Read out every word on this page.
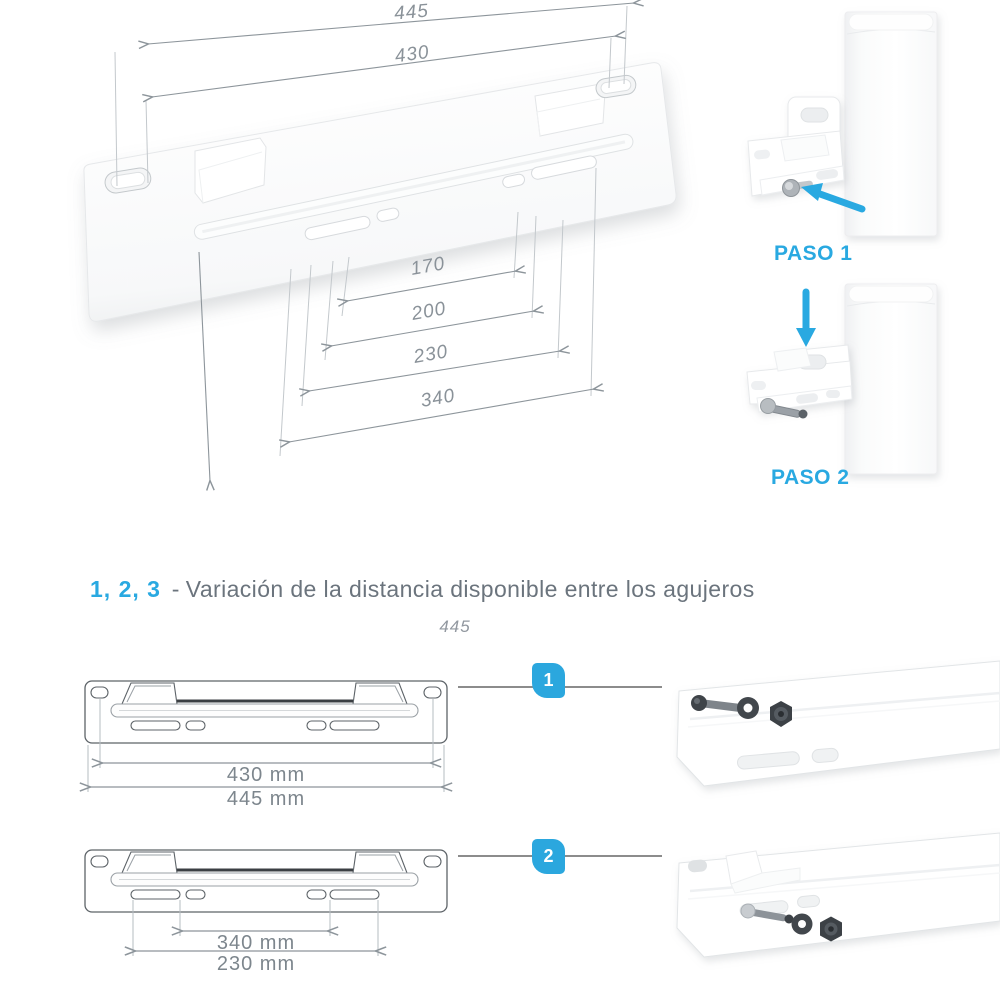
445
430
170
200
230
340
430 mm
445 mm
340 mm
230 mm
1, 2, 3 - Variación de la distancia disponible entre los agujeros
445
PASO 1
PASO 2
1
2
